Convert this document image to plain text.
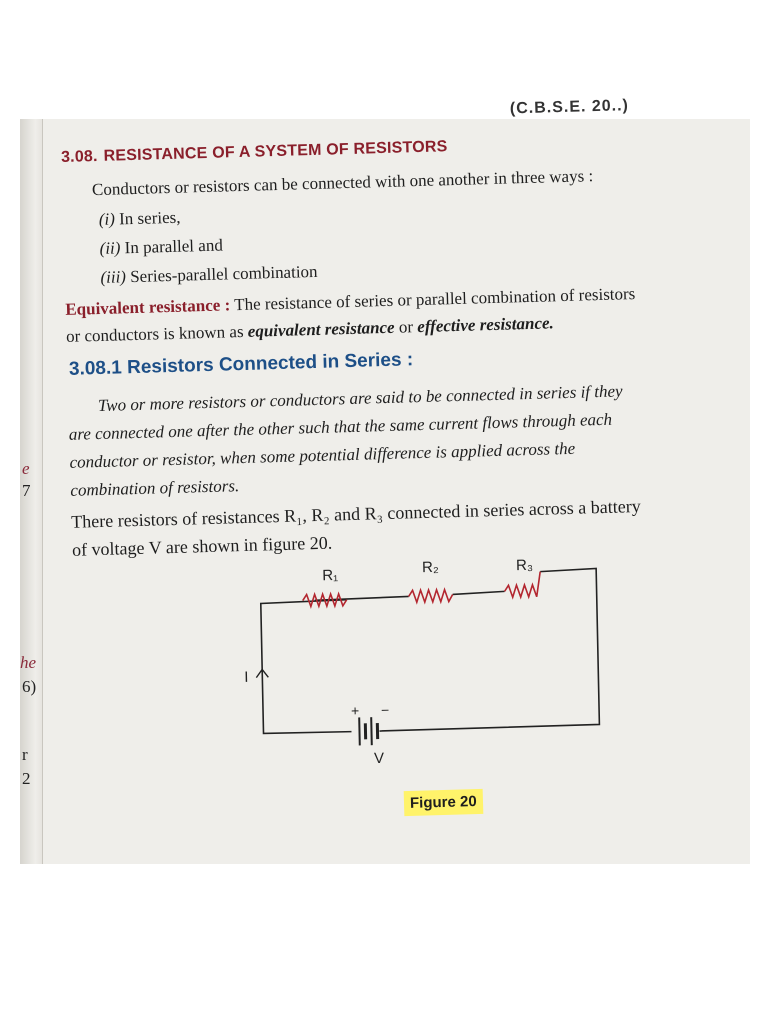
e
7
he
6)
r
2
(C.B.S.E. 20..)
3.08. RESISTANCE OF A SYSTEM OF RESISTORS
Conductors or resistors can be connected with one another in three ways :
(i) In series,
(ii) In parallel and
(iii) Series-parallel combination
Equivalent resistance : The resistance of series or parallel combination of resistors
or conductors is known as equivalent resistance or effective resistance.
3.08.1 Resistors Connected in Series :
Two or more resistors or conductors are said to be connected in series if they
are connected one after the other such that the same current flows through each
conductor or resistor, when some potential difference is applied across the
combination of resistors.
There resistors of resistances R₁, R₂ and R₃ connected in series across a battery
of voltage V are shown in figure 20.
R₁	R₂	R₃
I
+ −
V
Figure 20
